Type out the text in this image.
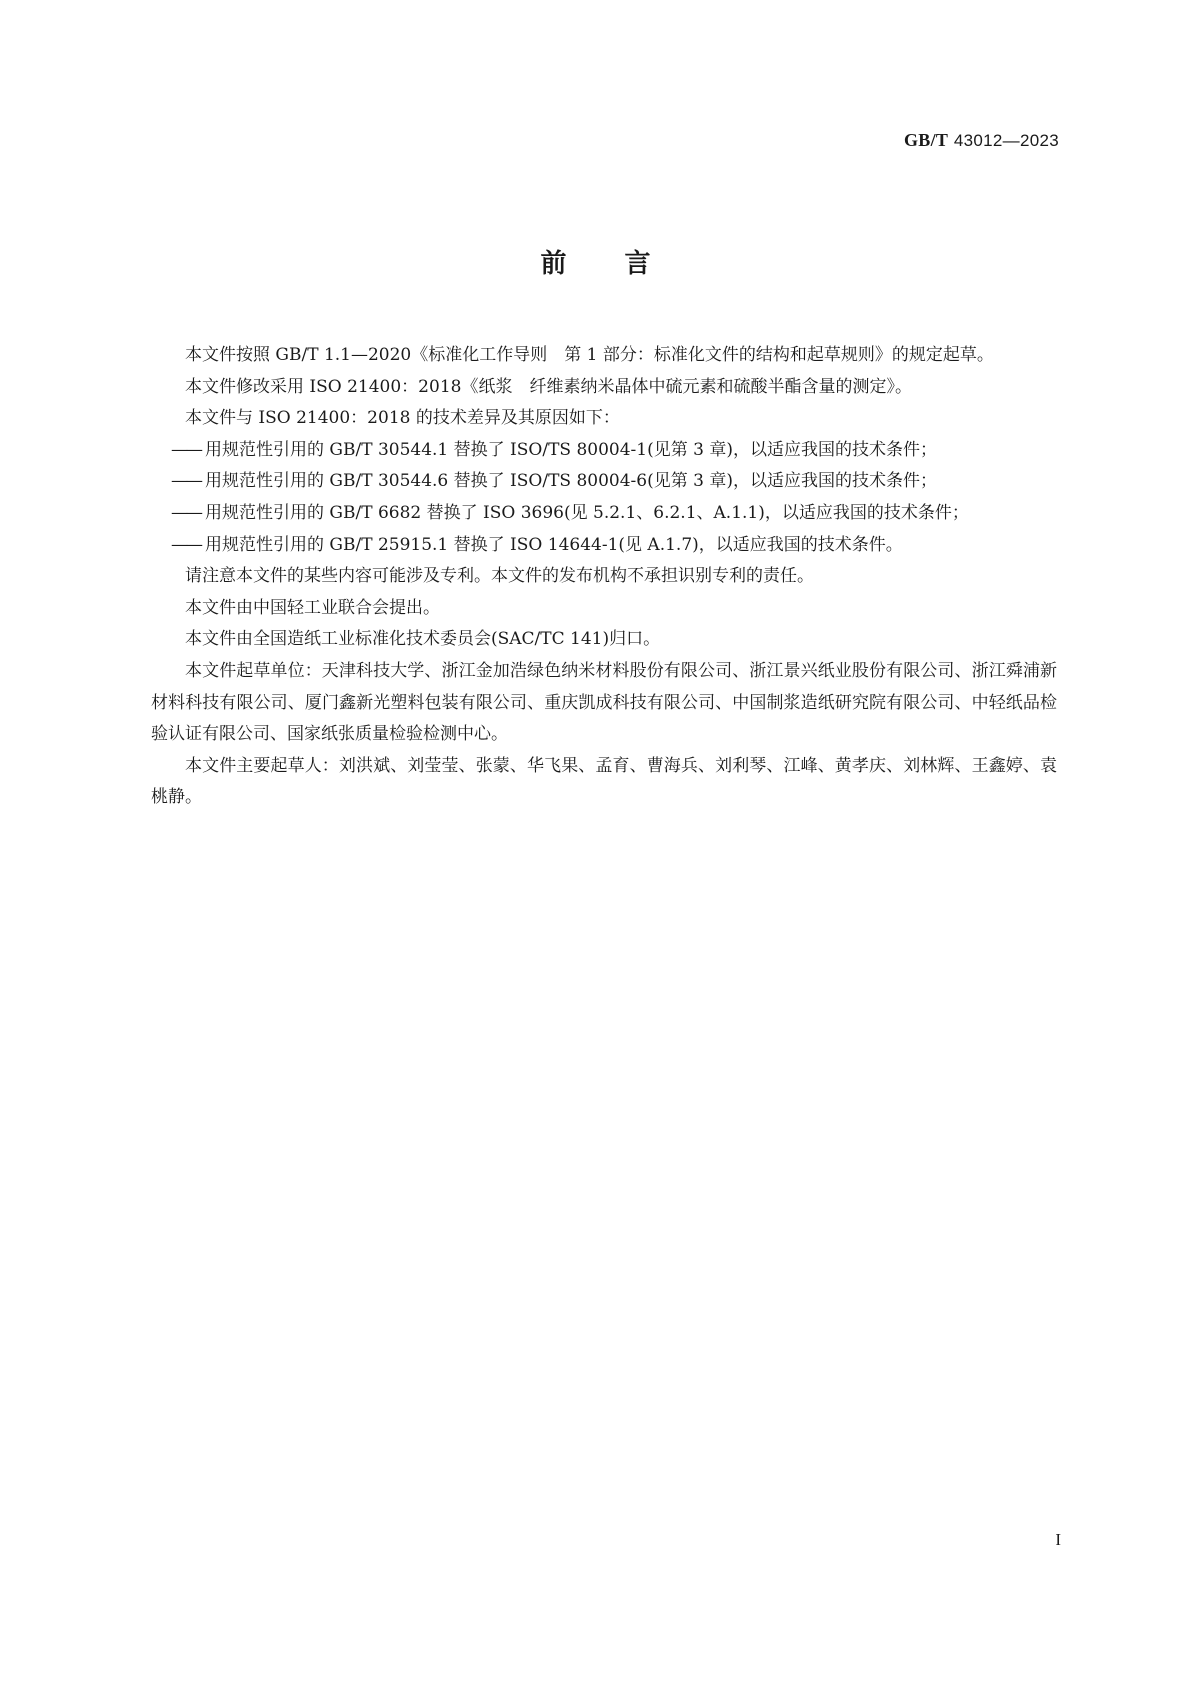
GB/T 43012—2023
前 言

本文件按照 GB/T 1.1—2020《标准化工作导则　第 1 部分：标准化文件的结构和起草规则》的规定起草。

本文件修改采用 ISO 21400：2018《纸浆　纤维素纳米晶体中硫元素和硫酸半酯含量的测定》。

本文件与 ISO 21400：2018 的技术差异及其原因如下：

—— 用规范性引用的 GB/T 30544.1 替换了 ISO/TS 80004-1(见第 3 章)，以适应我国的技术条件；

—— 用规范性引用的 GB/T 30544.6 替换了 ISO/TS 80004-6(见第 3 章)，以适应我国的技术条件；

—— 用规范性引用的 GB/T 6682 替换了 ISO 3696(见 5.2.1、6.2.1、A.1.1)，以适应我国的技术条件；

—— 用规范性引用的 GB/T 25915.1 替换了 ISO 14644-1(见 A.1.7)，以适应我国的技术条件。

请注意本文件的某些内容可能涉及专利。本文件的发布机构不承担识别专利的责任。

本文件由中国轻工业联合会提出。

本文件由全国造纸工业标准化技术委员会(SAC/TC 141)归口。

本文件起草单位：天津科技大学、浙江金加浩绿色纳米材料股份有限公司、浙江景兴纸业股份有限公司、浙江舜浦新材料科技有限公司、厦门鑫新光塑料包装有限公司、重庆凯成科技有限公司、中国制浆造纸研究院有限公司、中轻纸品检验认证有限公司、国家纸张质量检验检测中心。

本文件主要起草人：刘洪斌、刘莹莹、张蒙、华飞果、孟育、曹海兵、刘利琴、江峰、黄孝庆、刘林辉、王鑫婷、袁桃静。

I
